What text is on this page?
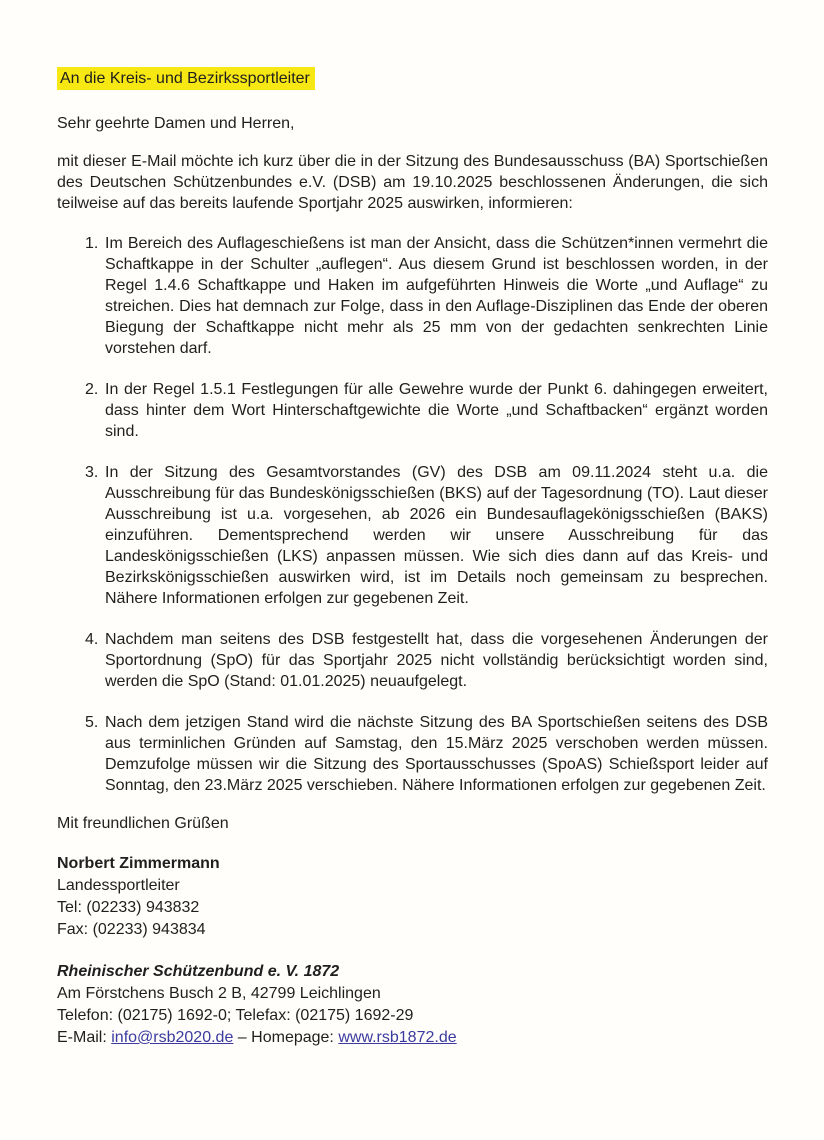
An die Kreis- und Bezirkssportleiter

Sehr geehrte Damen und Herren,

mit dieser E-Mail möchte ich kurz über die in der Sitzung des Bundesausschuss (BA) Sportschießen des Deutschen Schützenbundes e.V. (DSB) am 19.10.2025 beschlossenen Änderungen, die sich teilweise auf das bereits laufende Sportjahr 2025 auswirken, informieren:

1. Im Bereich des Auflageschießens ist man der Ansicht, dass die Schützen*innen vermehrt die Schaftkappe in der Schulter „auflegen“. Aus diesem Grund ist beschlossen worden, in der Regel 1.4.6 Schaftkappe und Haken im aufgeführten Hinweis die Worte „und Auflage“ zu streichen. Dies hat demnach zur Folge, dass in den Auflage-Disziplinen das Ende der oberen Biegung der Schaftkappe nicht mehr als 25 mm von der gedachten senkrechten Linie vorstehen darf.
2. In der Regel 1.5.1 Festlegungen für alle Gewehre wurde der Punkt 6. dahingegen erweitert, dass hinter dem Wort Hinterschaftgewichte die Worte „und Schaftbacken“ ergänzt worden sind.
3. In der Sitzung des Gesamtvorstandes (GV) des DSB am 09.11.2024 steht u.a. die Ausschreibung für das Bundeskönigsschießen (BKS) auf der Tagesordnung (TO). Laut dieser Ausschreibung ist u.a. vorgesehen, ab 2026 ein Bundesauflagekönigsschießen (BAKS) einzuführen. Dementsprechend werden wir unsere Ausschreibung für das Landeskönigsschießen (LKS) anpassen müssen. Wie sich dies dann auf das Kreis- und Bezirkskönigsschießen auswirken wird, ist im Details noch gemeinsam zu besprechen. Nähere Informationen erfolgen zur gegebenen Zeit.
4. Nachdem man seitens des DSB festgestellt hat, dass die vorgesehenen Änderungen der Sportordnung (SpO) für das Sportjahr 2025 nicht vollständig berücksichtigt worden sind, werden die SpO (Stand: 01.01.2025) neuaufgelegt.
5. Nach dem jetzigen Stand wird die nächste Sitzung des BA Sportschießen seitens des DSB aus terminlichen Gründen auf Samstag, den 15.März 2025 verschoben werden müssen. Demzufolge müssen wir die Sitzung des Sportausschusses (SpoAS) Schießsport leider auf Sonntag, den 23.März 2025 verschieben. Nähere Informationen erfolgen zur gegebenen Zeit.

Mit freundlichen Grüßen

Norbert Zimmermann

Landessportleiter

Tel: (02233) 943832

Fax: (02233) 943834

Rheinischer Schützenbund e. V. 1872

Am Förstchens Busch 2 B, 42799 Leichlingen

Telefon: (02175) 1692-0; Telefax: (02175) 1692-29

E-Mail: info@rsb2020.de – Homepage: www.rsb1872.de
